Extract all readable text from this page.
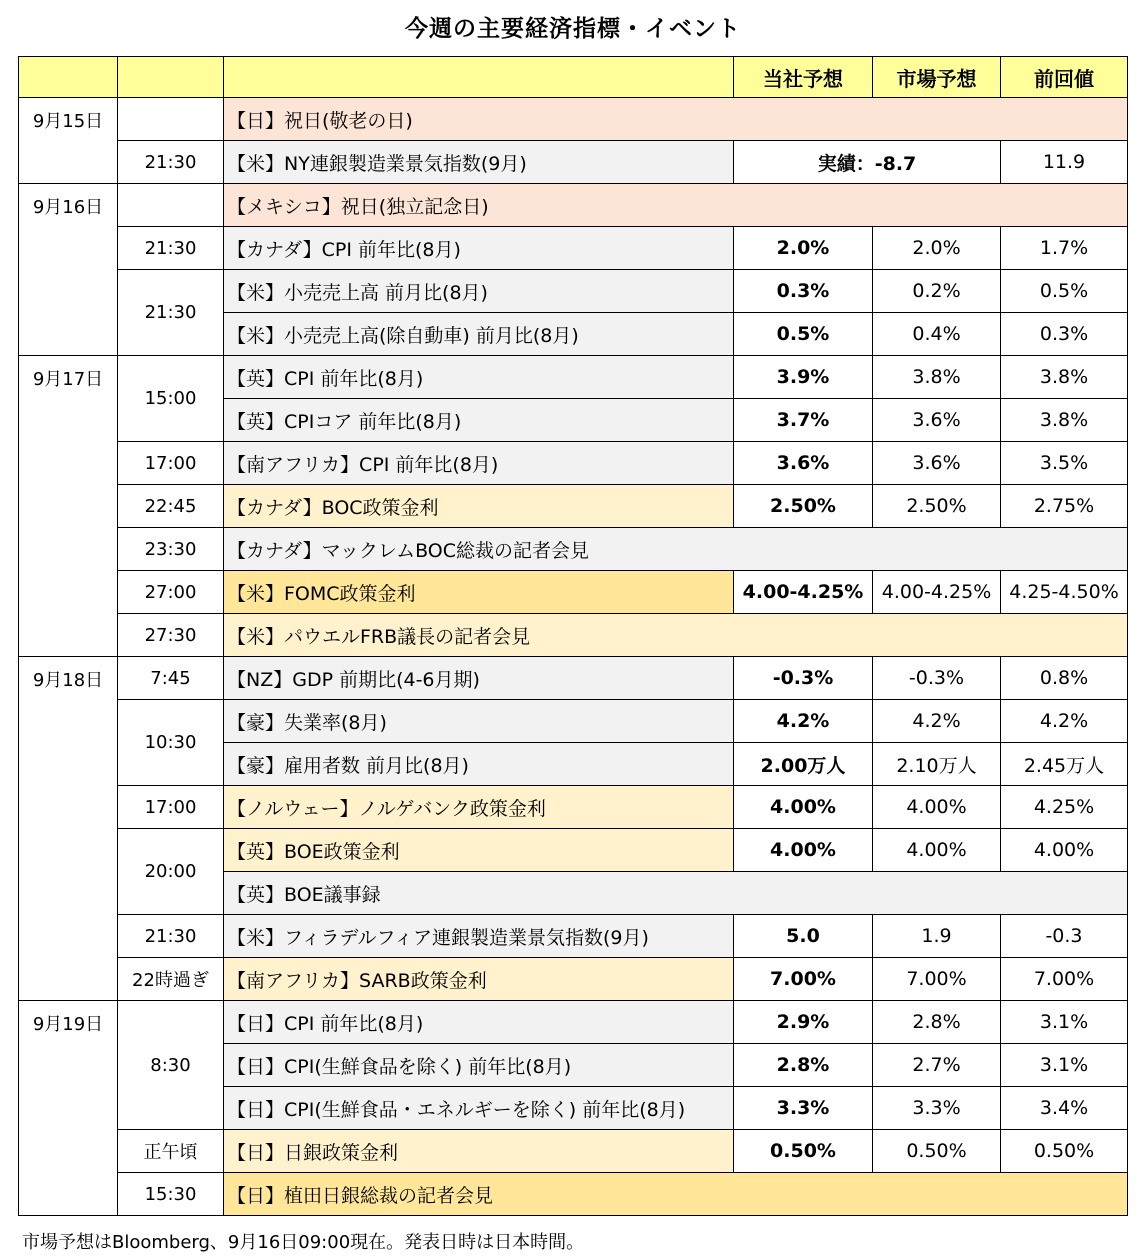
今週の主要経済指標・イベント
			当社予想	市場予想	前回値
9月15日		【日】祝日(敬老の日)			
	21:30	【米】NY連銀製造業景気指数(9月)	実績：-8.7		11.9
9月16日		【メキシコ】祝日(独立記念日)			
	21:30	【カナダ】CPI 前年比(8月)	2.0%	2.0%	1.7%
	21:30	【米】小売売上高 前月比(8月)	0.3%	0.2%	0.5%
		【米】小売売上高(除自動車) 前月比(8月)	0.5%	0.4%	0.3%
9月17日	15:00	【英】CPI 前年比(8月)	3.9%	3.8%	3.8%
		【英】CPIコア 前年比(8月)	3.7%	3.6%	3.8%
	17:00	【南アフリカ】CPI 前年比(8月)	3.6%	3.6%	3.5%
	22:45	【カナダ】BOC政策金利	2.50%	2.50%	2.75%
	23:30	【カナダ】マックレムBOC総裁の記者会見			
	27:00	【米】FOMC政策金利	4.00-4.25%	4.00-4.25%	4.25-4.50%
	27:30	【米】パウエルFRB議長の記者会見			
9月18日	7:45	【NZ】GDP 前期比(4-6月期)	-0.3%	-0.3%	0.8%
	10:30	【豪】失業率(8月)	4.2%	4.2%	4.2%
		【豪】雇用者数 前月比(8月)	2.00万人	2.10万人	2.45万人
	17:00	【ノルウェー】ノルゲバンク政策金利	4.00%	4.00%	4.25%
	20:00	【英】BOE政策金利	4.00%	4.00%	4.00%
		【英】BOE議事録			
	21:30	【米】フィラデルフィア連銀製造業景気指数(9月)	5.0	1.9	-0.3
	22時過ぎ	【南アフリカ】SARB政策金利	7.00%	7.00%	7.00%
9月19日	8:30	【日】CPI 前年比(8月)	2.9%	2.8%	3.1%
		【日】CPI(生鮮食品を除く) 前年比(8月)	2.8%	2.7%	3.1%
		【日】CPI(生鮮食品・エネルギーを除く) 前年比(8月)	3.3%	3.3%	3.4%
	正午頃	【日】日銀政策金利	0.50%	0.50%	0.50%
	15:30	【日】植田日銀総裁の記者会見			
市場予想はBloomberg、9月16日09:00現在。発表日時は日本時間。
